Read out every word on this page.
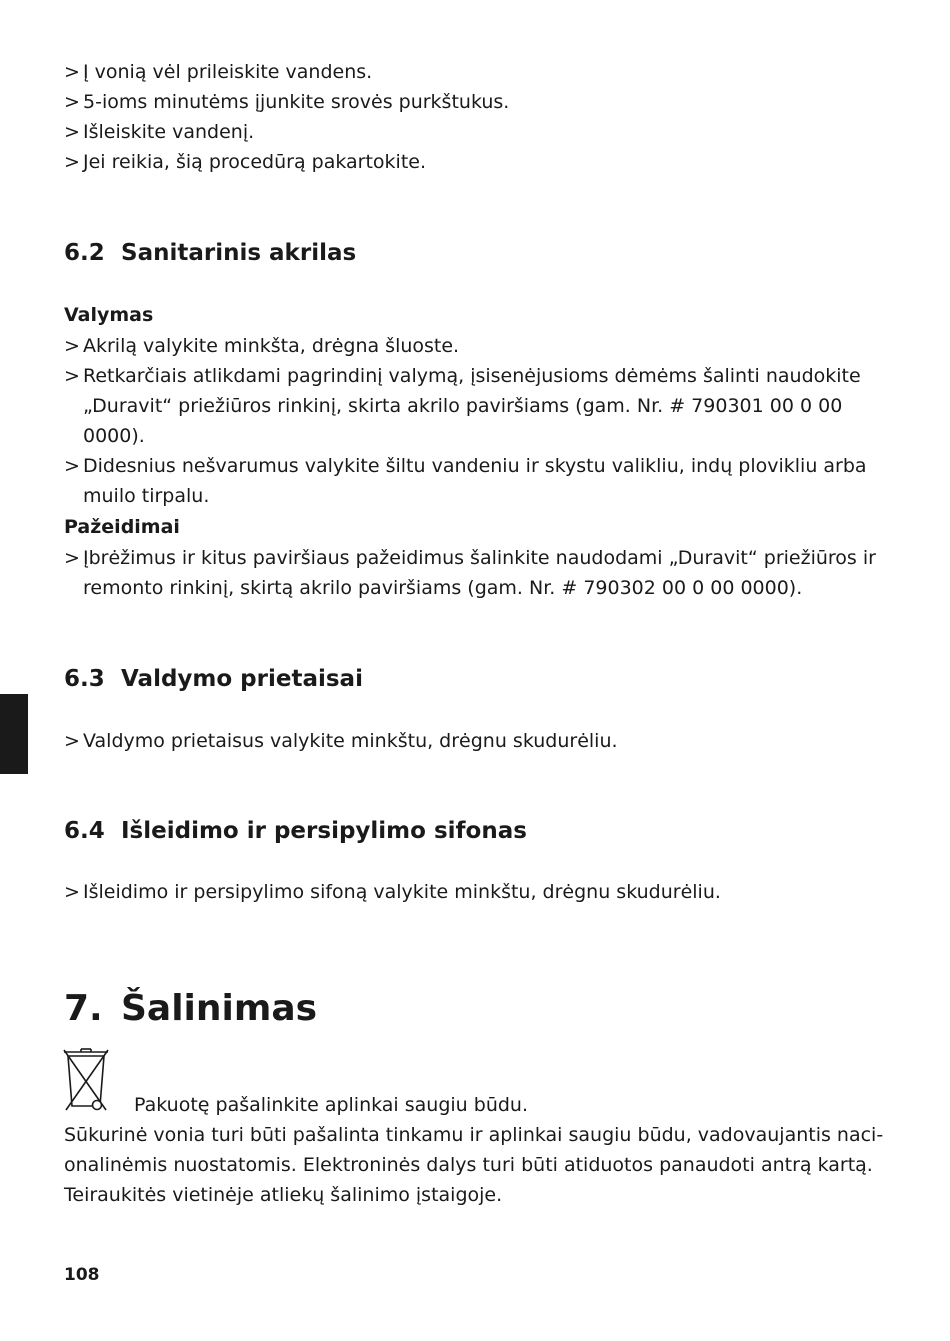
> Į vonią vėl prileiskite vandens.
> 5-ioms minutėms įjunkite srovės purkštukus.
> Išleiskite vandenį.
> Jei reikia, šią procedūrą pakartokite.
6.2 Sanitarinis akrilas
Valymas
> Akrilą valykite minkšta, drėgna šluoste.
> Retkarčiais atlikdami pagrindinį valymą, įsisenėjusioms dėmėms šalinti naudokite „Duravit“ priežiūros rinkinį, skirta akrilo paviršiams (gam. Nr. # 790301 00 0 00 0000).
> Didesnius nešvarumus valykite šiltu vandeniu ir skystu valikliu, indų plovikliu arba muilo tirpalu.
Pažeidimai
> Įbrėžimus ir kitus paviršiaus pažeidimus šalinkite naudodami „Duravit“ priežiūros ir remonto rinkinį, skirtą akrilo paviršiams (gam. Nr. # 790302 00 0 00 0000).
6.3 Valdymo prietaisai
> Valdymo prietaisus valykite minkštu, drėgnu skudurėliu.
6.4 Išleidimo ir persipylimo sifonas
> Išleidimo ir persipylimo sifoną valykite minkštu, drėgnu skudurėliu.
7. Šalinimas
Pakuotę pašalinkite aplinkai saugiu būdu.
Sūkurinė vonia turi būti pašalinta tinkamu ir aplinkai saugiu būdu, vadovaujantis nacionalinėmis nuostatomis. Elektroninės dalys turi būti atiduotos panaudoti antrą kartą. Teiraukitės vietinėje atliekų šalinimo įstaigoje.
108
